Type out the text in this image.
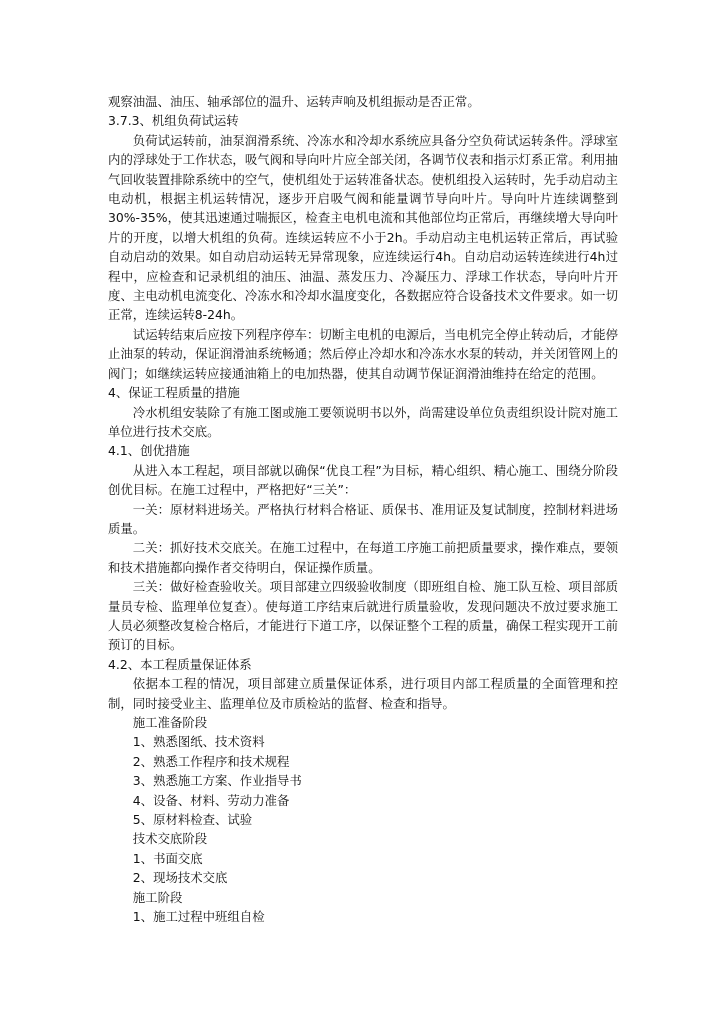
观察油温、油压、轴承部位的温升、运转声响及机组振动是否正常。

3.7.3、机组负荷试运转

负荷试运转前，油泵润滑系统、冷冻水和冷却水系统应具备分空负荷试运转条件。浮球室内的浮球处于工作状态，吸气阀和导向叶片应全部关闭，各调节仪表和指示灯系正常。利用抽气回收装置排除系统中的空气，使机组处于运转准备状态。使机组投入运转时，先手动启动主电动机，根据主机运转情况，逐步开启吸气阀和能量调节导向叶片。导向叶片连续调整到30%-35%，使其迅速通过喘振区，检查主电机电流和其他部位均正常后，再继续增大导向叶片的开度，以增大机组的负荷。连续运转应不小于2h。手动启动主电机运转正常后，再试验自动启动的效果。如自动启动运转无异常现象，应连续运行4h。自动启动运转连续进行4h过程中，应检查和记录机组的油压、油温、蒸发压力、冷凝压力、浮球工作状态，导向叶片开度、主电动机电流变化、冷冻水和冷却水温度变化，各数据应符合设备技术文件要求。如一切正常，连续运转8-24h。

试运转结束后应按下列程序停车：切断主电机的电源后，当电机完全停止转动后，才能停止油泵的转动，保证润滑油系统畅通；然后停止冷却水和冷冻水水泵的转动，并关闭管网上的阀门；如继续运转应接通油箱上的电加热器，使其自动调节保证润滑油维持在给定的范围。

4、保证工程质量的措施

冷水机组安装除了有施工图或施工要领说明书以外，尚需建设单位负责组织设计院对施工单位进行技术交底。

4.1、创优措施

从进入本工程起，项目部就以确保“优良工程”为目标，精心组织、精心施工、围绕分阶段创优目标。在施工过程中，严格把好“三关”：

一关：原材料进场关。严格执行材料合格证、质保书、准用证及复试制度，控制材料进场质量。

二关：抓好技术交底关。在施工过程中，在每道工序施工前把质量要求，操作难点，要领和技术措施都向操作者交待明白，保证操作质量。

三关：做好检查验收关。项目部建立四级验收制度（即班组自检、施工队互检、项目部质量员专检、监理单位复查）。使每道工序结束后就进行质量验收，发现问题决不放过要求施工人员必须整改复检合格后，才能进行下道工序，以保证整个工程的质量，确保工程实现开工前预订的目标。

4.2、本工程质量保证体系

依据本工程的情况，项目部建立质量保证体系，进行项目内部工程质量的全面管理和控制，同时接受业主、监理单位及市质检站的监督、检查和指导。

施工准备阶段

1、熟悉图纸、技术资料

2、熟悉工作程序和技术规程

3、熟悉施工方案、作业指导书

4、设备、材料、劳动力准备

5、原材料检查、试验

技术交底阶段

1、书面交底

2、现场技术交底

施工阶段

1、施工过程中班组自检
